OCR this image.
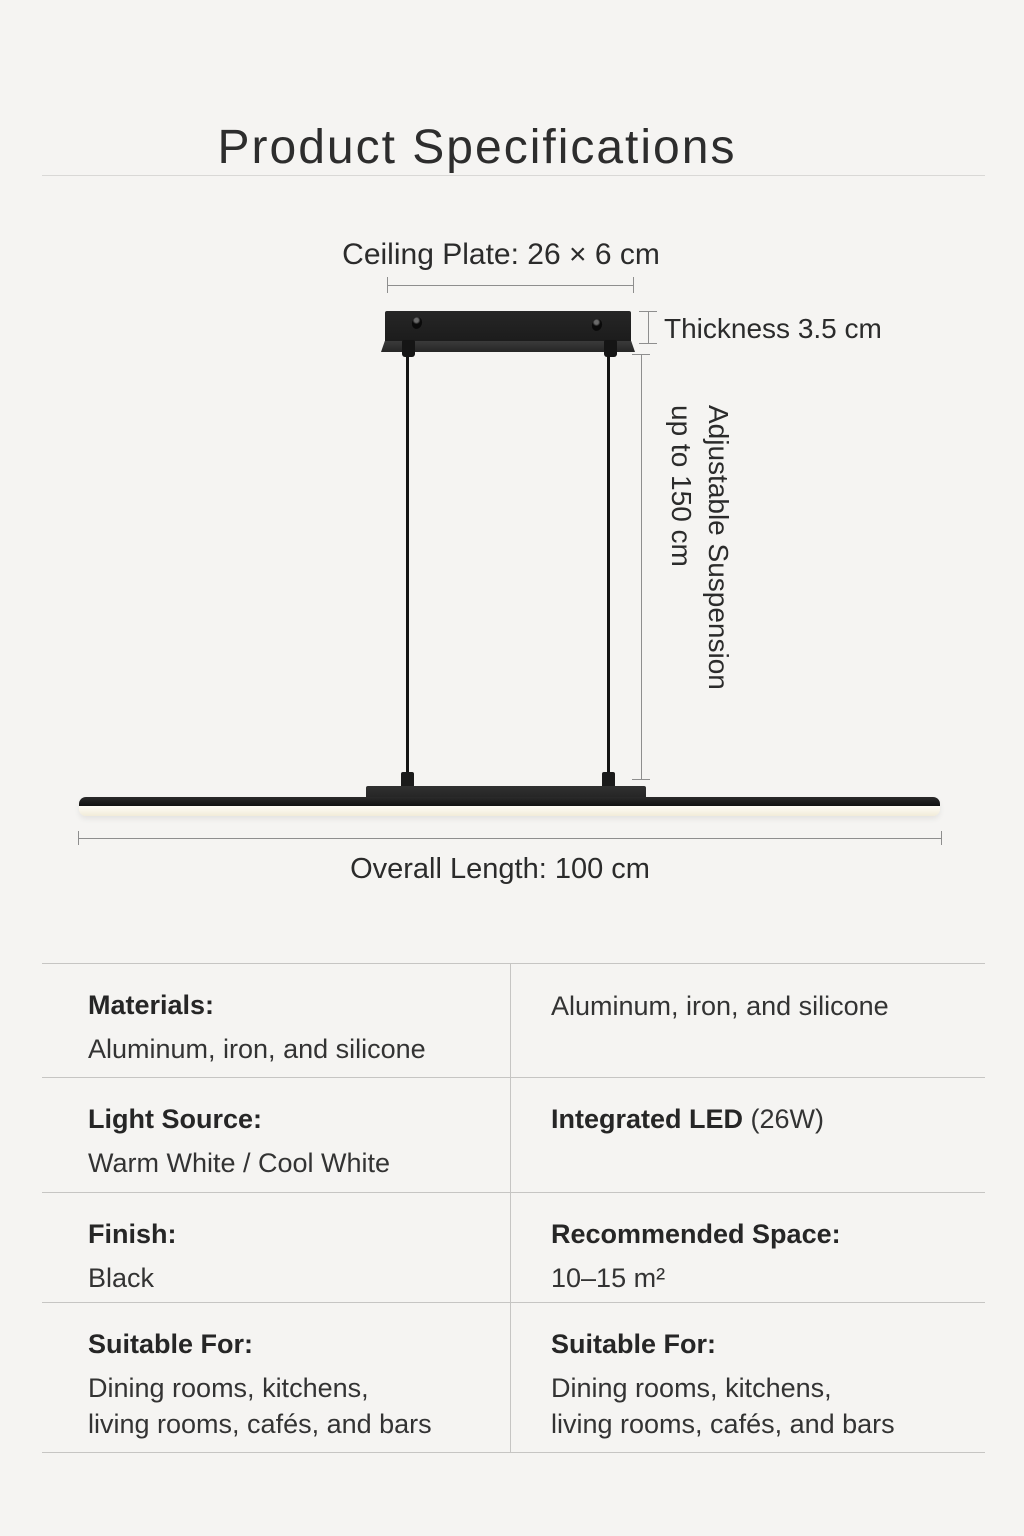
Product Specifications
Ceiling Plate: 26 × 6 cm
Thickness 3.5 cm
Adjustable Suspension
up to 150 cm
Overall Length: 100 cm
Materials:
Aluminum, iron, and silicone
Aluminum, iron, and silicone
Light Source:
Warm White / Cool White
Integrated LED (26W)
Finish:
Black
Recommended Space:
10–15 m²
Suitable For:
Dining rooms, kitchens,
living rooms, cafés, and bars
Suitable For:
Dining rooms, kitchens,
living rooms, cafés, and bars
